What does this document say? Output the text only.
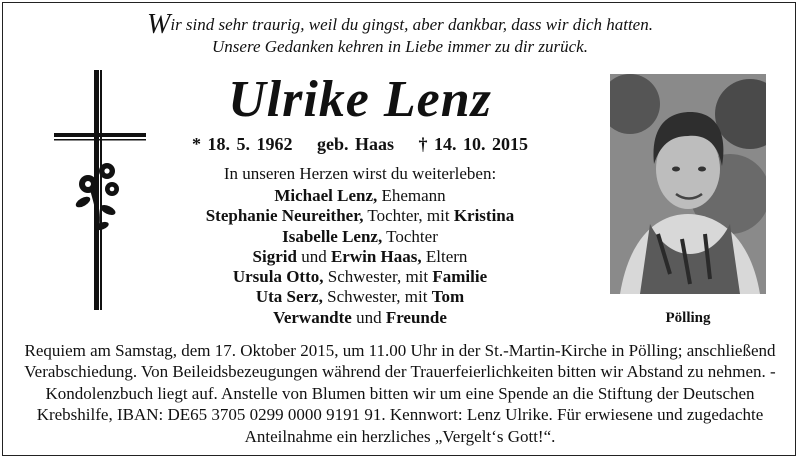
Wir sind sehr traurig, weil du gingst, aber dankbar, dass wir dich hatten.
Unsere Gedanken kehren in Liebe immer zu dir zurück.
Ulrike Lenz
* 18. 5. 1962 geb. Haas † 14. 10. 2015
In unseren Herzen wirst du weiterleben:
Michael Lenz, Ehemann
Stephanie Neureither, Tochter, mit Kristina
Isabelle Lenz, Tochter
Sigrid und Erwin Haas, Eltern
Ursula Otto, Schwester, mit Familie
Uta Serz, Schwester, mit Tom
Verwandte und Freunde	Pölling
Requiem am Samstag, dem 17. Oktober 2015, um 11.00 Uhr in der St.-Martin-Kirche in Pölling; anschließend Verabschiedung. Von Beileidsbezeugungen während der Trauerfeierlichkeiten bitten wir Abstand zu nehmen. - Kondolenzbuch liegt auf. Anstelle von Blumen bitten wir um eine Spende an die Stiftung der Deutschen Krebshilfe, IBAN: DE65 3705 0299 0000 9191 91. Kennwort: Lenz Ulrike. Für erwiesene und zugedachte Anteilnahme ein herzliches „Vergelt‘s Gott!“.
